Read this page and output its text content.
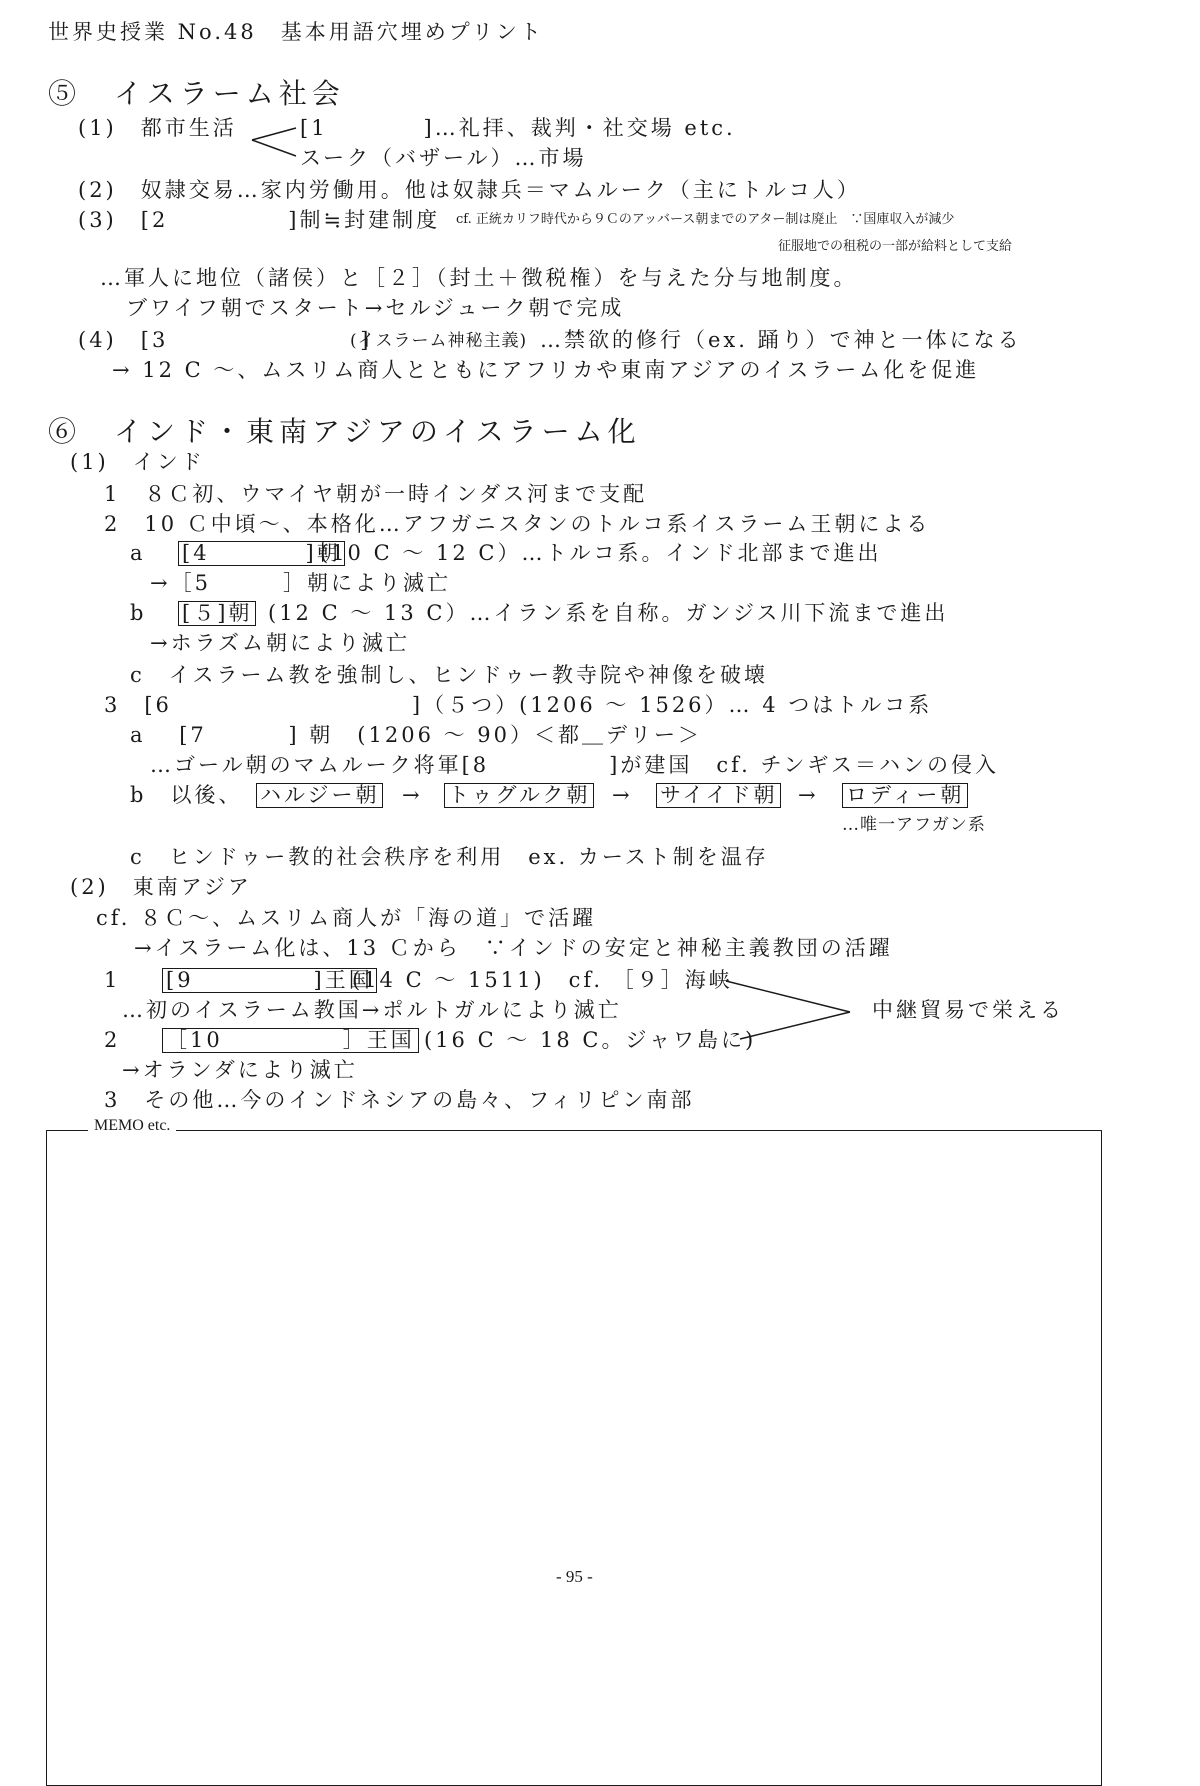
世界史授業 No.48　基本用語穴埋めプリント
⑤　イスラーム社会
(1)　都市生活	[1　　　　]…礼拝、裁判・社交場 etc.
スーク（バザール）…市場
(2)　奴隷交易…家内労働用。他は奴隷兵＝マムルーク（主にトルコ人）
(3)　[2　　　　　]制≒封建制度 cf. 正統カリフ時代から９Ｃのアッバース朝までのアター制は廃止　∵国庫収入が減少
征服地での租税の一部が給料として支給
…軍人に地位（諸侯）と［２］（封土＋徴税権）を与えた分与地制度。
ブワイフ朝でスタート→セルジューク朝で完成
(4)　[3　　　　　　　　]
(イスラーム神秘主義) …禁欲的修行（ex. 踊り）で神と一体になる
→ 12 C ～、ムスリム商人とともにアフリカや東南アジアのイスラーム化を促進
⑥　インド・東南アジアのイスラーム化
(1)　インド
1　８Ｃ初、ウマイヤ朝が一時インダス河まで支配
2　10 Ｃ中頃～、本格化…アフガニスタンのトルコ系イスラーム王朝による
a [4　　　　]朝
(10 C ～ 12 C）…トルコ系。インド北部まで進出
→［5　　　］朝により滅亡
b [５]朝 (12 C ～ 13 C）…イラン系を自称。ガンジス川下流まで進出
→ホラズム朝により滅亡
c　イスラーム教を強制し、ヒンドゥー教寺院や神像を破壊
3　[6　　　　　　　　　　]（５つ）(1206 ～ 1526）… 4 つはトルコ系
a　 [7　　　 ] 朝　(1206 ～ 90）＜都＿デリー＞
…ゴール朝のマムルーク将軍[8　　　　　]が建国　cf. チンギス＝ハンの侵入
b　以後、 ハルジー朝 → トゥグルク朝 → サイイド朝 → ロディー朝
…唯一アフガン系
c　ヒンドゥー教的社会秩序を利用　ex. カースト制を温存
(2)　東南アジア
cf. ８Ｃ～、ムスリム商人が「海の道」で活躍
→イスラーム化は、13 Ｃから　∵インドの安定と神秘主義教団の活躍
1 [9　　　　　]王国
(14 C ～ 1511)　cf. ［９］海峡
…初のイスラーム教国→ポルトガルにより滅亡	中継貿易で栄える
2 ［10　　　　　］王国 (16 C ～ 18 C。ジャワ島に)
→オランダにより滅亡
3　その他…今のインドネシアの島々、フィリピン南部
MEMO etc.
- 95 -
